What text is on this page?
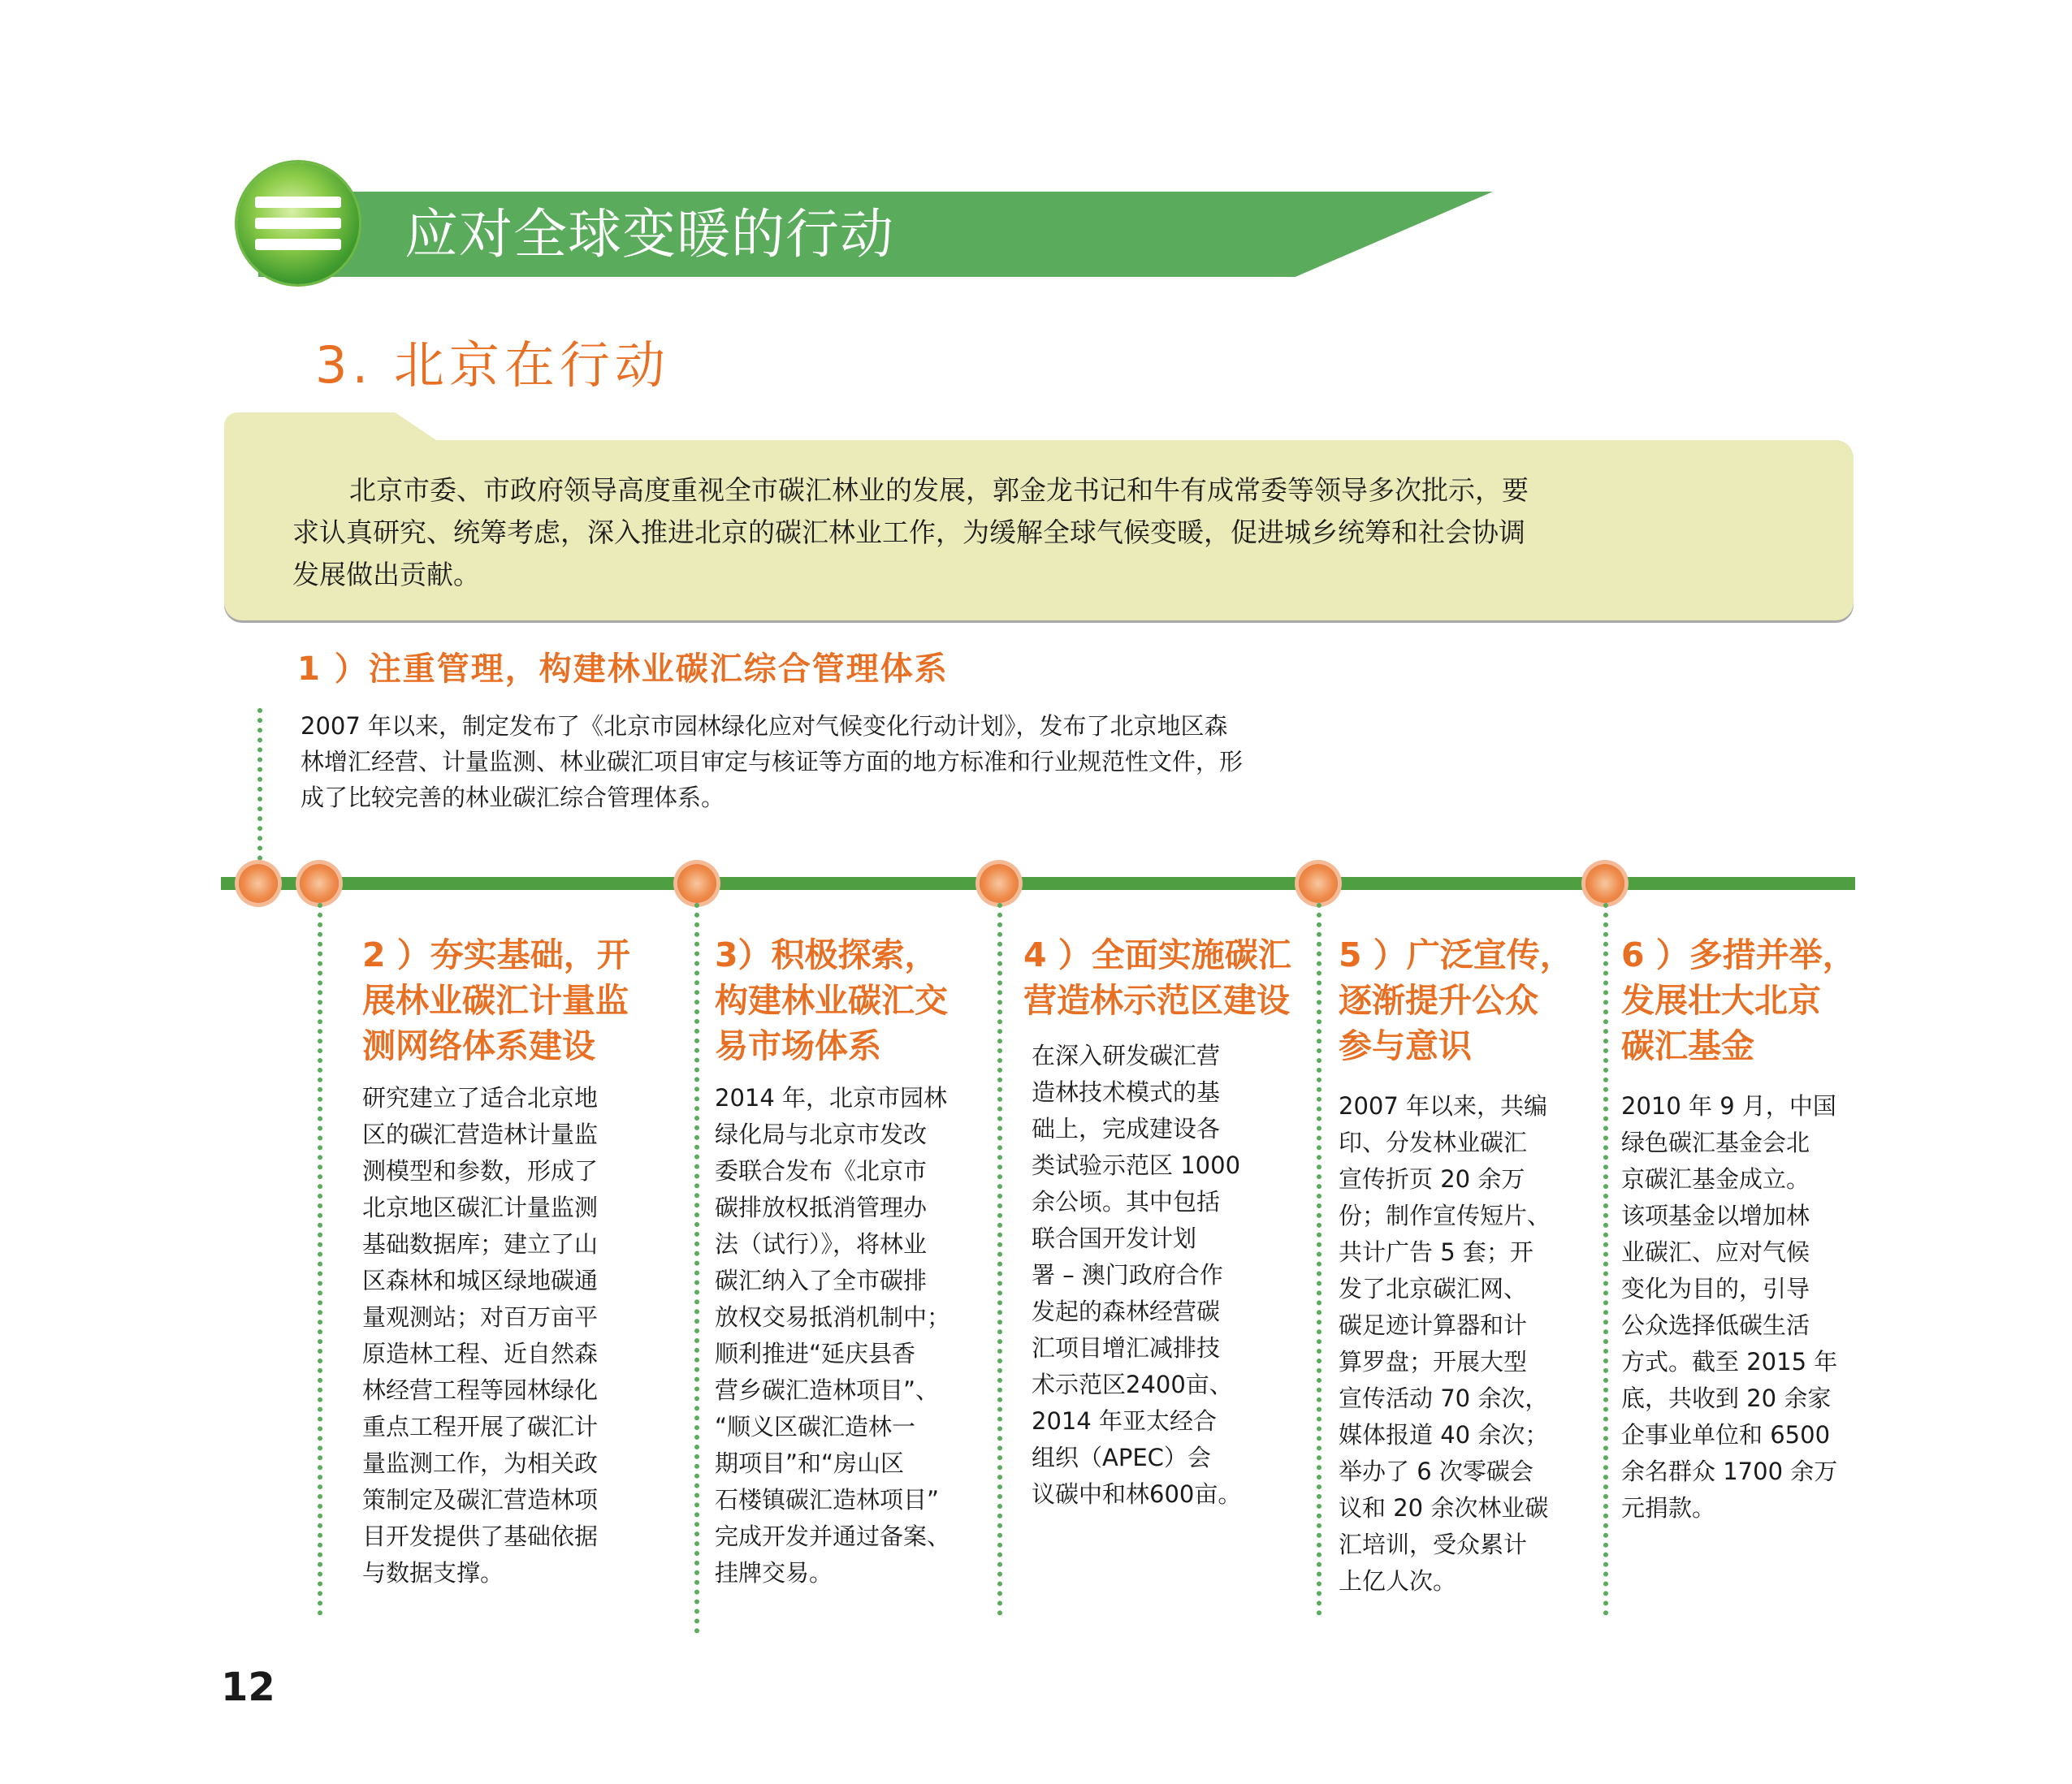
应对全球变暖的行动
3. 北京在行动
北京市委、市政府领导高度重视全市碳汇林业的发展，郭金龙书记和牛有成常委等领导多次批示，要
求认真研究、统筹考虑，深入推进北京的碳汇林业工作，为缓解全球气候变暖，促进城乡统筹和社会协调
发展做出贡献。
1 ）注重管理，构建林业碳汇综合管理体系
2007 年以来，制定发布了《北京市园林绿化应对气候变化行动计划》，发布了北京地区森
林增汇经营、计量监测、林业碳汇项目审定与核证等方面的地方标准和行业规范性文件，形
成了比较完善的林业碳汇综合管理体系。
2 ）夯实基础，开
展林业碳汇计量监
测网络体系建设
研究建立了适合北京地
区的碳汇营造林计量监
测模型和参数，形成了
北京地区碳汇计量监测
基础数据库；建立了山
区森林和城区绿地碳通
量观测站；对百万亩平
原造林工程、近自然森
林经营工程等园林绿化
重点工程开展了碳汇计
量监测工作，为相关政
策制定及碳汇营造林项
目开发提供了基础依据
与数据支撑。
3）积极探索，
构建林业碳汇交
易市场体系
2014 年，北京市园林
绿化局与北京市发改
委联合发布《北京市
碳排放权抵消管理办
法（试行）》，将林业
碳汇纳入了全市碳排
放权交易抵消机制中；
顺利推进“延庆县香
营乡碳汇造林项目”、
“顺义区碳汇造林一
期项目”和“房山区
石楼镇碳汇造林项目”
完成开发并通过备案、
挂牌交易。
4 ）全面实施碳汇
营造林示范区建设
在深入研发碳汇营
造林技术模式的基
础上，完成建设各
类试验示范区 1000
余公顷。其中包括
联合国开发计划
署 – 澳门政府合作
发起的森林经营碳
汇项目增汇减排技
术示范区2400亩、
2014 年亚太经合
组织（APEC）会
议碳中和林600亩。
5 ）广泛宣传，
逐渐提升公众
参与意识
2007 年以来，共编
印、分发林业碳汇
宣传折页 20 余万
份；制作宣传短片、
共计广告 5 套；开
发了北京碳汇网、
碳足迹计算器和计
算罗盘；开展大型
宣传活动 70 余次，
媒体报道 40 余次；
举办了 6 次零碳会
议和 20 余次林业碳
汇培训，受众累计
上亿人次。
6 ）多措并举，
发展壮大北京
碳汇基金
2010 年 9 月，中国
绿色碳汇基金会北
京碳汇基金成立。
该项基金以增加林
业碳汇、应对气候
变化为目的，引导
公众选择低碳生活
方式。截至 2015 年
底，共收到 20 余家
企事业单位和 6500
余名群众 1700 余万
元捐款。
12
